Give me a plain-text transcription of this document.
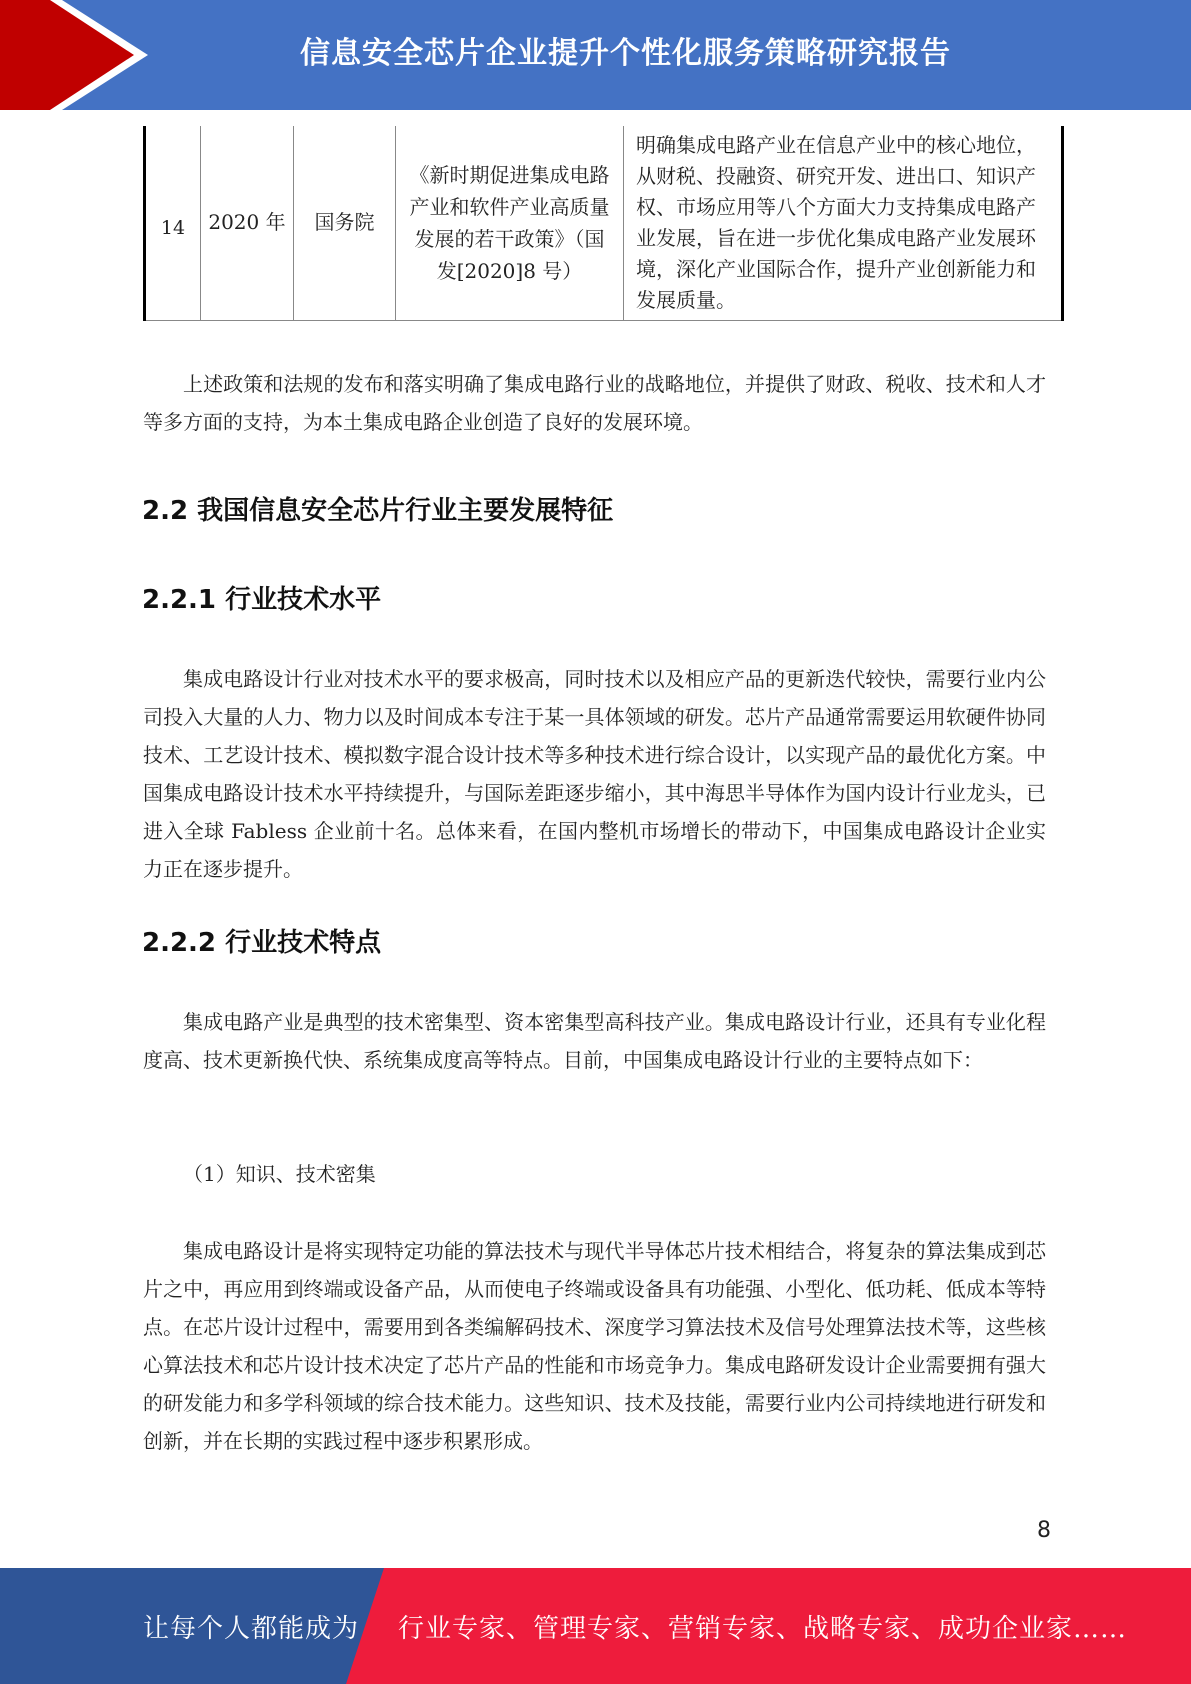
信息安全芯片企业提升个性化服务策略研究报告
14	2020 年	国务院	《新时期促进集成电路产业和软件产业高质量发展的若干政策》（国发[2020]8 号）	明确集成电路产业在信息产业中的核心地位，从财税、投融资、研究开发、进出口、知识产权、市场应用等八个方面大力支持集成电路产业发展，旨在进一步优化集成电路产业发展环境，深化产业国际合作，提升产业创新能力和发展质量。

上述政策和法规的发布和落实明确了集成电路行业的战略地位，并提供了财政、税收、技术和人才等多方面的支持，为本土集成电路企业创造了良好的发展环境。

2.2 我国信息安全芯片行业主要发展特征
2.2.1 行业技术水平

集成电路设计行业对技术水平的要求极高，同时技术以及相应产品的更新迭代较快，需要行业内公司投入大量的人力、物力以及时间成本专注于某一具体领域的研发。芯片产品通常需要运用软硬件协同技术、工艺设计技术、模拟数字混合设计技术等多种技术进行综合设计，以实现产品的最优化方案。中国集成电路设计技术水平持续提升，与国际差距逐步缩小，其中海思半导体作为国内设计行业龙头，已进入全球 Fabless 企业前十名。总体来看，在国内整机市场增长的带动下，中国集成电路设计企业实力正在逐步提升。

2.2.2 行业技术特点

集成电路产业是典型的技术密集型、资本密集型高科技产业。集成电路设计行业，还具有专业化程度高、技术更新换代快、系统集成度高等特点。目前，中国集成电路设计行业的主要特点如下：

（1）知识、技术密集

集成电路设计是将实现特定功能的算法技术与现代半导体芯片技术相结合，将复杂的算法集成到芯片之中，再应用到终端或设备产品，从而使电子终端或设备具有功能强、小型化、低功耗、低成本等特点。在芯片设计过程中，需要用到各类编解码技术、深度学习算法技术及信号处理算法技术等，这些核心算法技术和芯片设计技术决定了芯片产品的性能和市场竞争力。集成电路研发设计企业需要拥有强大的研发能力和多学科领域的综合技术能力。这些知识、技术及技能，需要行业内公司持续地进行研发和创新，并在长期的实践过程中逐步积累形成。

8
让每个人都能成为 行业专家、管理专家、营销专家、战略专家、成功企业家……
